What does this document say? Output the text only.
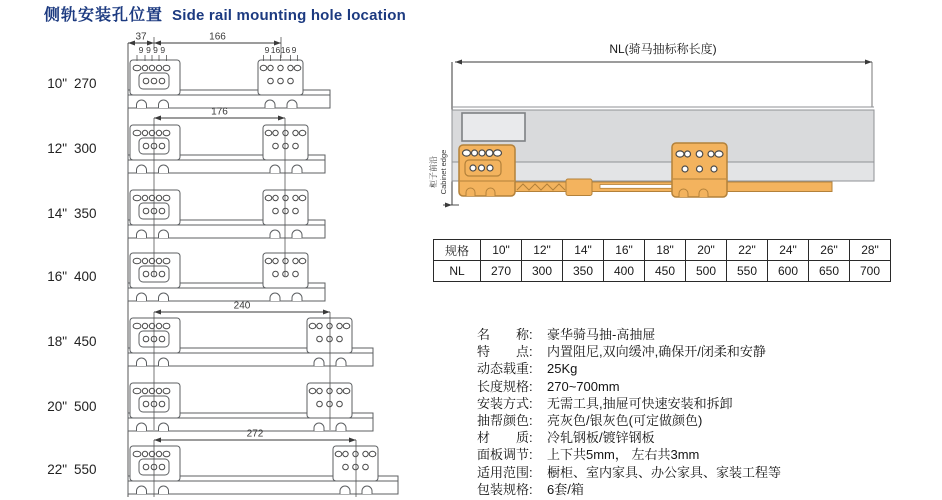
侧轨安装孔位置 Side rail mounting hole location
10" 270
12" 300
14" 350
16" 400
18" 450
20" 500
22" 550
37	166
9 9 9 9	9 16 16 9
176
240
272
NL(骑马抽标称长度)
柜子前沿 Cabinet edge
规格	10"	12"	14"	16"	18"	20"	22"	24"	26"	28"
NL	270	300	350	400	450	500	550	600	650	700
名　　称: 豪华骑马抽-高抽屉
特　　点: 内置阻尼,双向缓冲,确保开/闭柔和安静
动态载重: 25Kg
长度规格: 270~700mm
安装方式: 无需工具,抽屉可快速安装和拆卸
抽帮颜色: 亮灰色/银灰色(可定做颜色)
材　　质: 冷轧钢板/镀锌钢板
面板调节: 上下共5mm， 左右共3mm
适用范围: 橱柜、室内家具、办公家具、家装工程等
包装规格: 6套/箱
